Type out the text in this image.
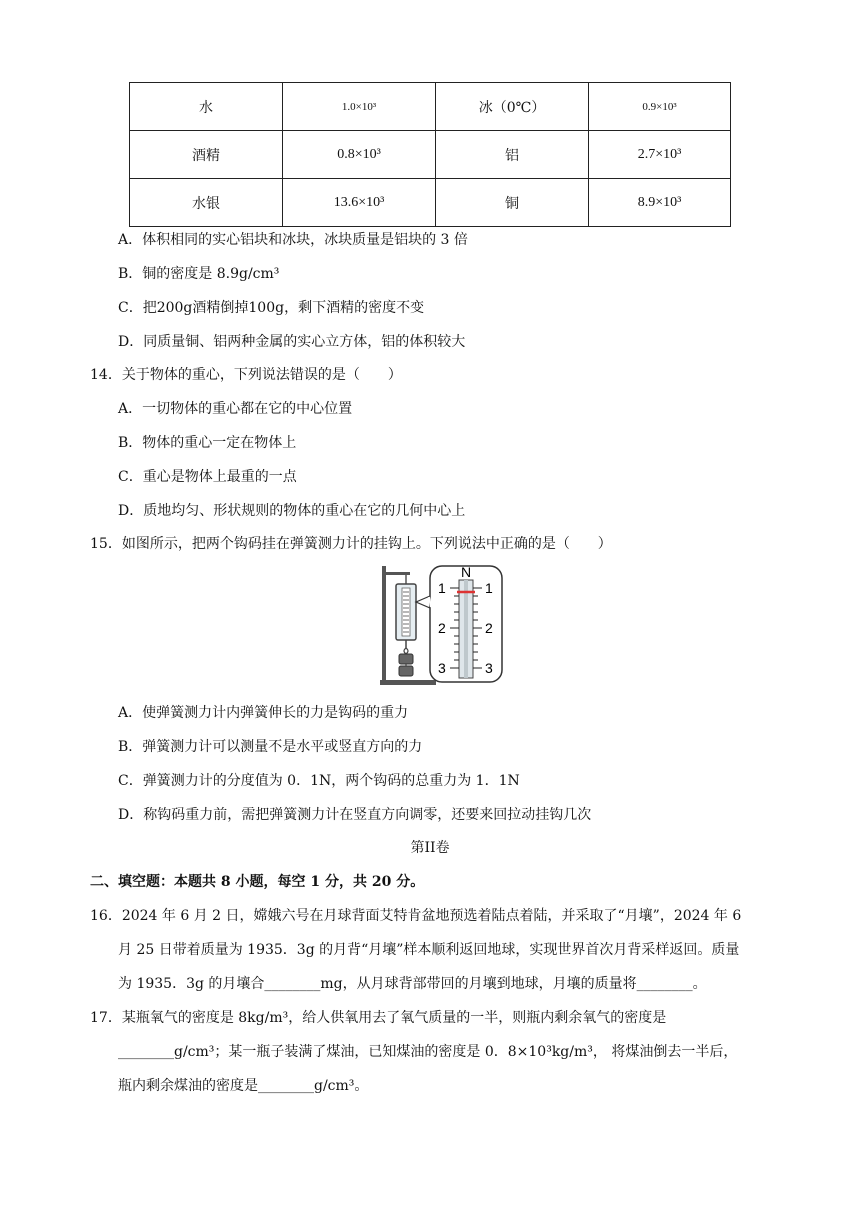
水	1.0×10³	冰（0℃）	0.9×10³
酒精	0.8×10³	铝	2.7×10³
水银	13.6×10³	铜	8.9×10³
A．体积相同的实心铝块和冰块，冰块质量是铝块的 3 倍
B．铜的密度是 8.9g/cm³
C．把200g酒精倒掉100g，剩下酒精的密度不变
D．同质量铜、铝两种金属的实心立方体，铝的体积较大
14．关于物体的重心，下列说法错误的是（　　）
A．一切物体的重心都在它的中心位置
B．物体的重心一定在物体上
C．重心是物体上最重的一点
D．质地均匀、形状规则的物体的重心在它的几何中心上
15．如图所示，把两个钩码挂在弹簧测力计的挂钩上。下列说法中正确的是（　　）
N
1
2
3
1
2
3
A．使弹簧测力计内弹簧伸长的力是钩码的重力
B．弹簧测力计可以测量不是水平或竖直方向的力
C．弹簧测力计的分度值为 0．1N，两个钩码的总重力为 1．1N
D．称钩码重力前，需把弹簧测力计在竖直方向调零，还要来回拉动挂钩几次
第ⅠI卷
二、填空题：本题共 8 小题，每空 1 分，共 20 分。
16．2024 年 6 月 2 日，嫦娥六号在月球背面艾特肯盆地预选着陆点着陆，并采取了“月壤”，2024 年 6
月 25 日带着质量为 1935．3g 的月背“月壤”样本顺利返回地球，实现世界首次月背采样返回。质量
为 1935．3g 的月壤合________mg，从月球背部带回的月壤到地球，月壤的质量将________。
17．某瓶氧气的密度是 8kg/m³，给人供氧用去了氧气质量的一半，则瓶内剩余氧气的密度是
________g/cm³；某一瓶子装满了煤油，已知煤油的密度是 0．8×10³kg/m³， 将煤油倒去一半后，
瓶内剩余煤油的密度是________g/cm³。
